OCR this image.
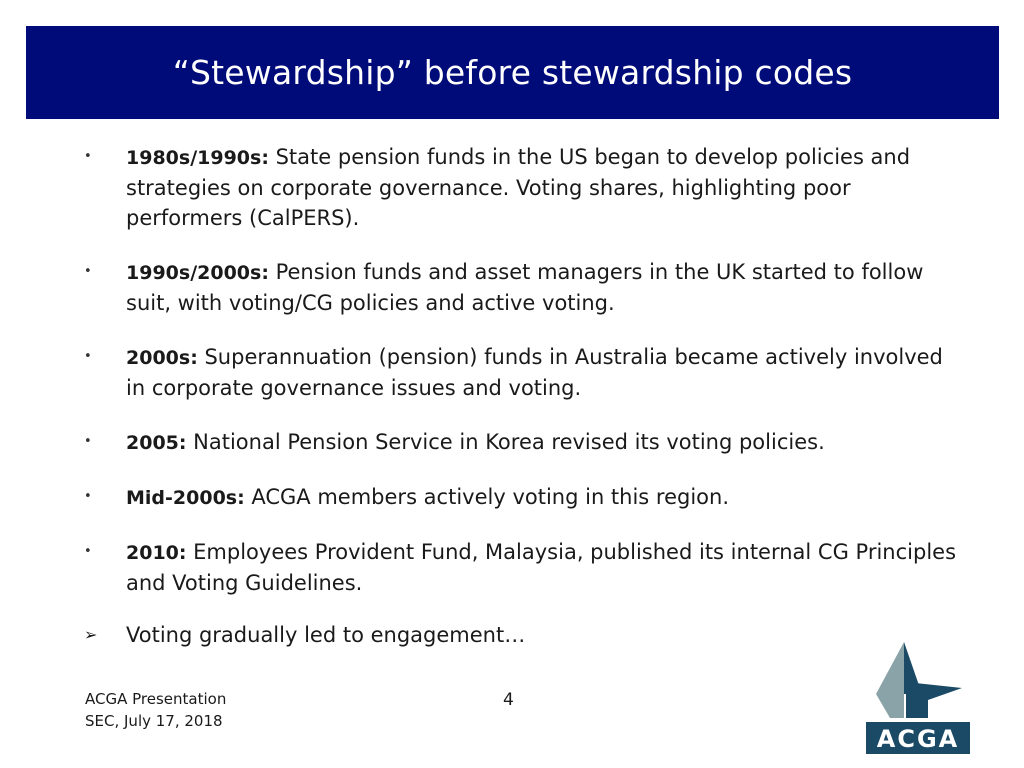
“Stewardship” before stewardship codes
•	1980s/1990s: State pension funds in the US began to develop policies and strategies on corporate governance. Voting shares, highlighting poor performers (CalPERS).
•	1990s/2000s: Pension funds and asset managers in the UK started to follow suit, with voting/CG policies and active voting.
•	2000s: Superannuation (pension) funds in Australia became actively involved in corporate governance issues and voting.
•	2005: National Pension Service in Korea revised its voting policies.
•	Mid-2000s: ACGA members actively voting in this region.
•	2010: Employees Provident Fund, Malaysia, published its internal CG Principles and Voting Guidelines.
➢ Voting gradually led to engagement…
ACGA Presentation
SEC, July 17, 2018
4
ACGA
